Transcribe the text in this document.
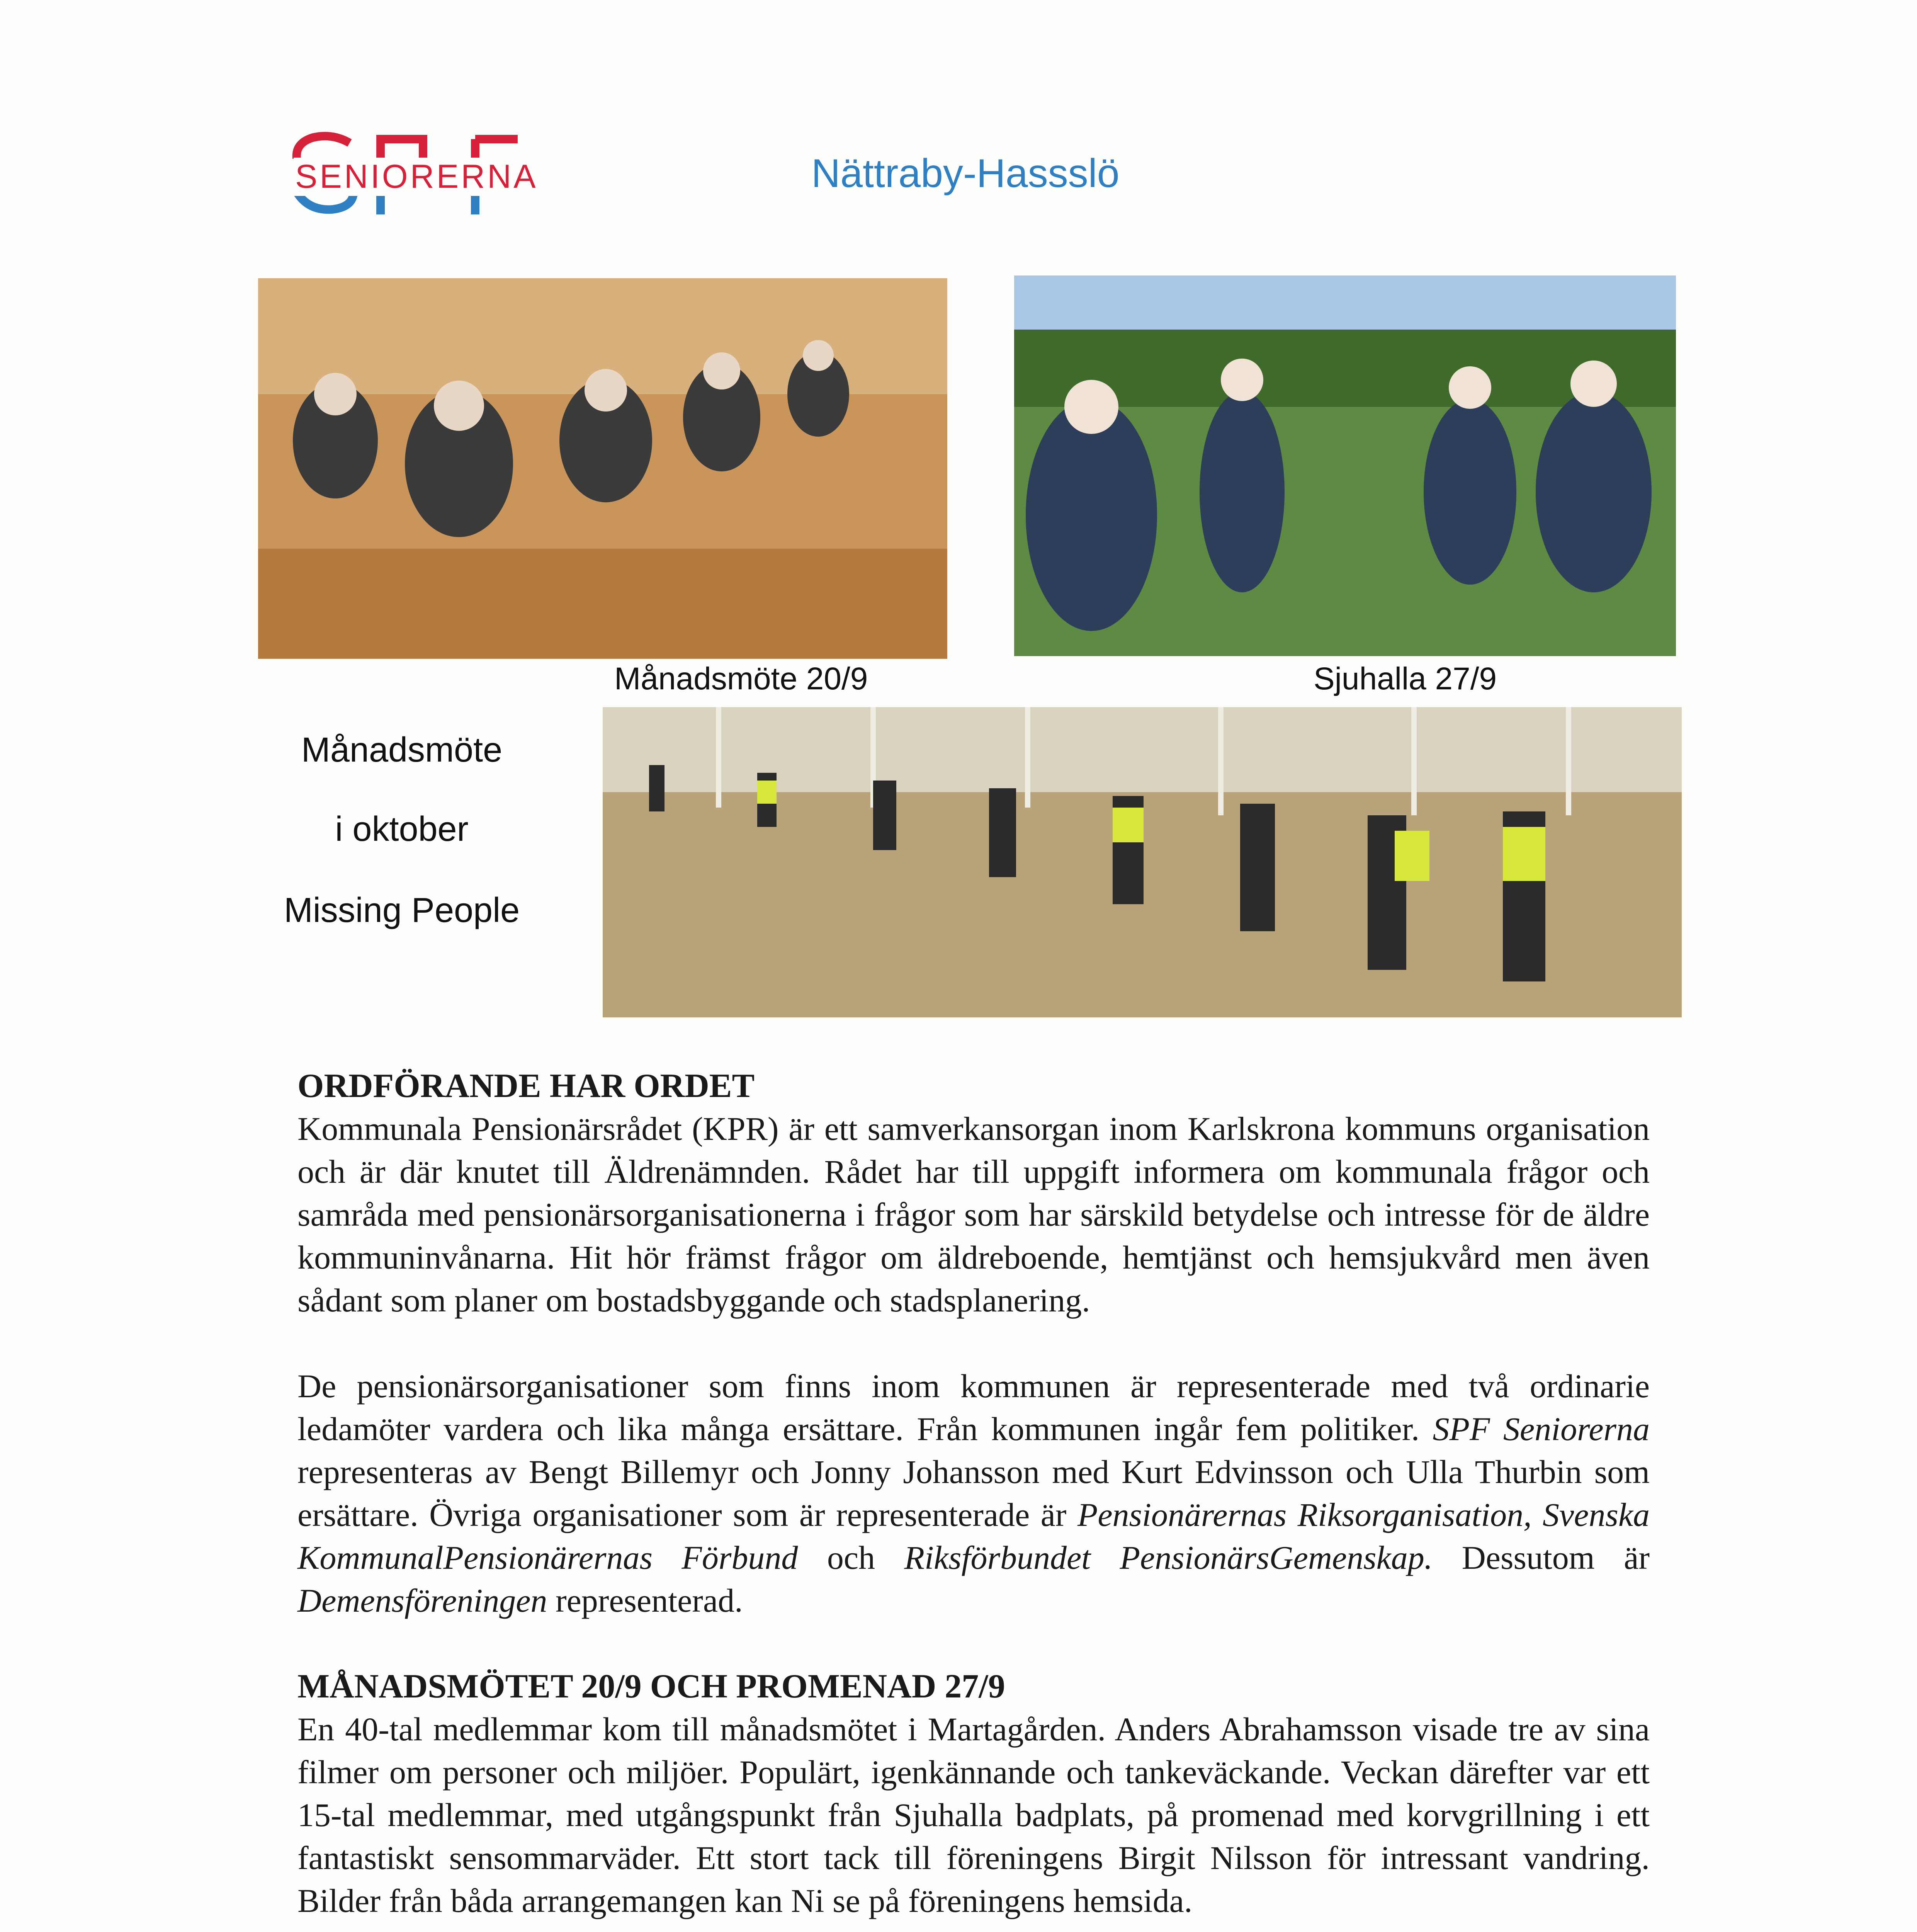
SENIORERNA	Nättraby-Hassslö
Månadsmöte 20/9	Sjuhalla 27/9
Månadsmöte
i oktober
Missing People
ORDFÖRANDE HAR ORDET

Kommunala Pensionärsrådet (KPR) är ett samverkansorgan inom Karlskrona kommuns organisation och är där knutet till Äldrenämnden. Rådet har till uppgift informera om kommunala frågor och samråda med pensionärsorganisationerna i frågor som har särskild betydelse och intresse för de äldre kommuninvånarna. Hit hör främst frågor om äldreboende, hemtjänst och hemsjukvård men även sådant som planer om bostadsbyggande och stadsplanering.

De pensionärsorganisationer som finns inom kommunen är representerade med två ordinarie ledamöter vardera och lika många ersättare. Från kommunen ingår fem politiker. SPF Seniorerna representeras av Bengt Billemyr och Jonny Johansson med Kurt Edvinsson och Ulla Thurbin som ersättare. Övriga organisationer som är representerade är Pensionärernas Riksorganisation, Svenska KommunalPensionärernas Förbund och Riksförbundet PensionärsGemenskap. Dessutom är Demensföreningen representerad.

MÅNADSMÖTET 20/9 OCH PROMENAD 27/9

En 40-tal medlemmar kom till månadsmötet i Martagården. Anders Abrahamsson visade tre av sina filmer om personer och miljöer. Populärt, igenkännande och tankeväckande. Veckan därefter var ett 15-tal medlemmar, med utgångspunkt från Sjuhalla badplats, på promenad med korvgrillning i ett fantastiskt sensommarväder. Ett stort tack till föreningens Birgit Nilsson för intressant vandring. Bilder från båda arrangemangen kan Ni se på föreningens hemsida.
